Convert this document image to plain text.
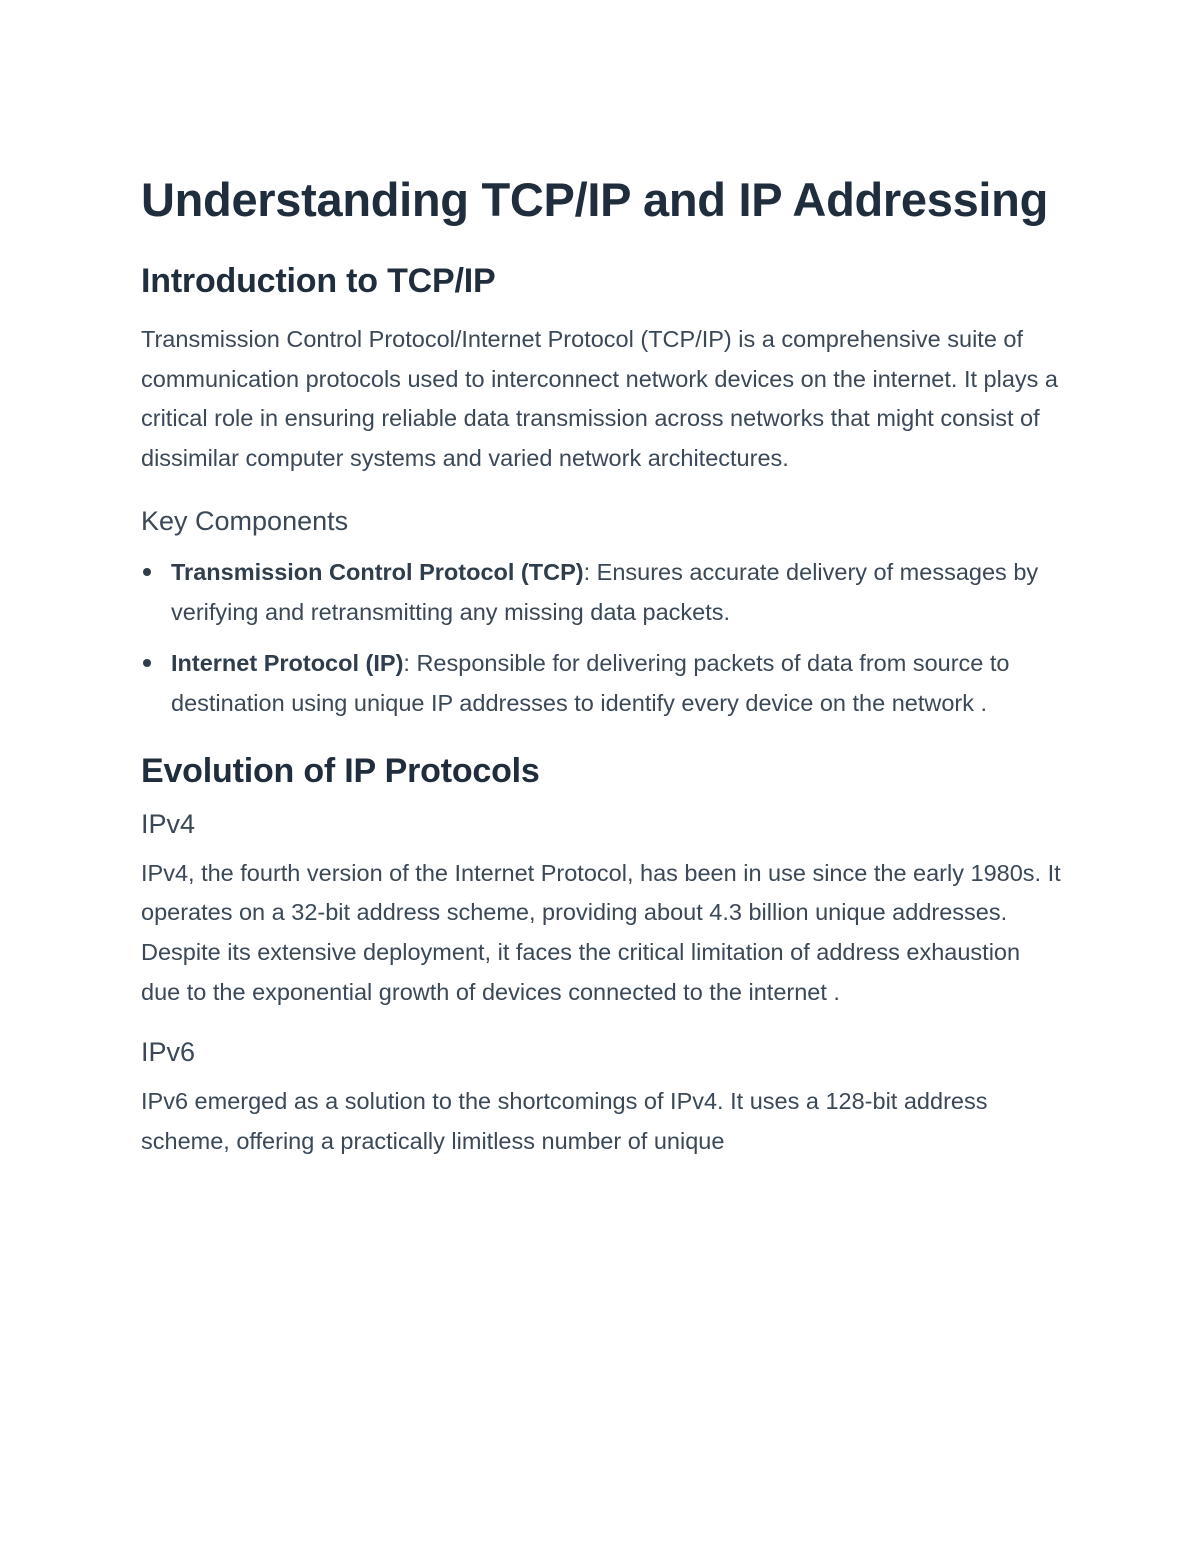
Understanding TCP/IP and IP Addressing
Introduction to TCP/IP

Transmission Control Protocol/Internet Protocol (TCP/IP) is a comprehensive suite of communication protocols used to interconnect network devices on the internet. It plays a critical role in ensuring reliable data transmission across networks that might consist of dissimilar computer systems and varied network architectures.

Key Components
Transmission Control Protocol (TCP): Ensures accurate delivery of messages by verifying and retransmitting any missing data packets.
Internet Protocol (IP): Responsible for delivering packets of data from source to destination using unique IP addresses to identify every device on the network .
Evolution of IP Protocols
IPv4

IPv4, the fourth version of the Internet Protocol, has been in use since the early 1980s. It operates on a 32-bit address scheme, providing about 4.3 billion unique addresses. Despite its extensive deployment, it faces the critical limitation of address exhaustion due to the exponential growth of devices connected to the internet .

IPv6

IPv6 emerged as a solution to the shortcomings of IPv4. It uses a 128-bit address scheme, offering a practically limitless number of unique
